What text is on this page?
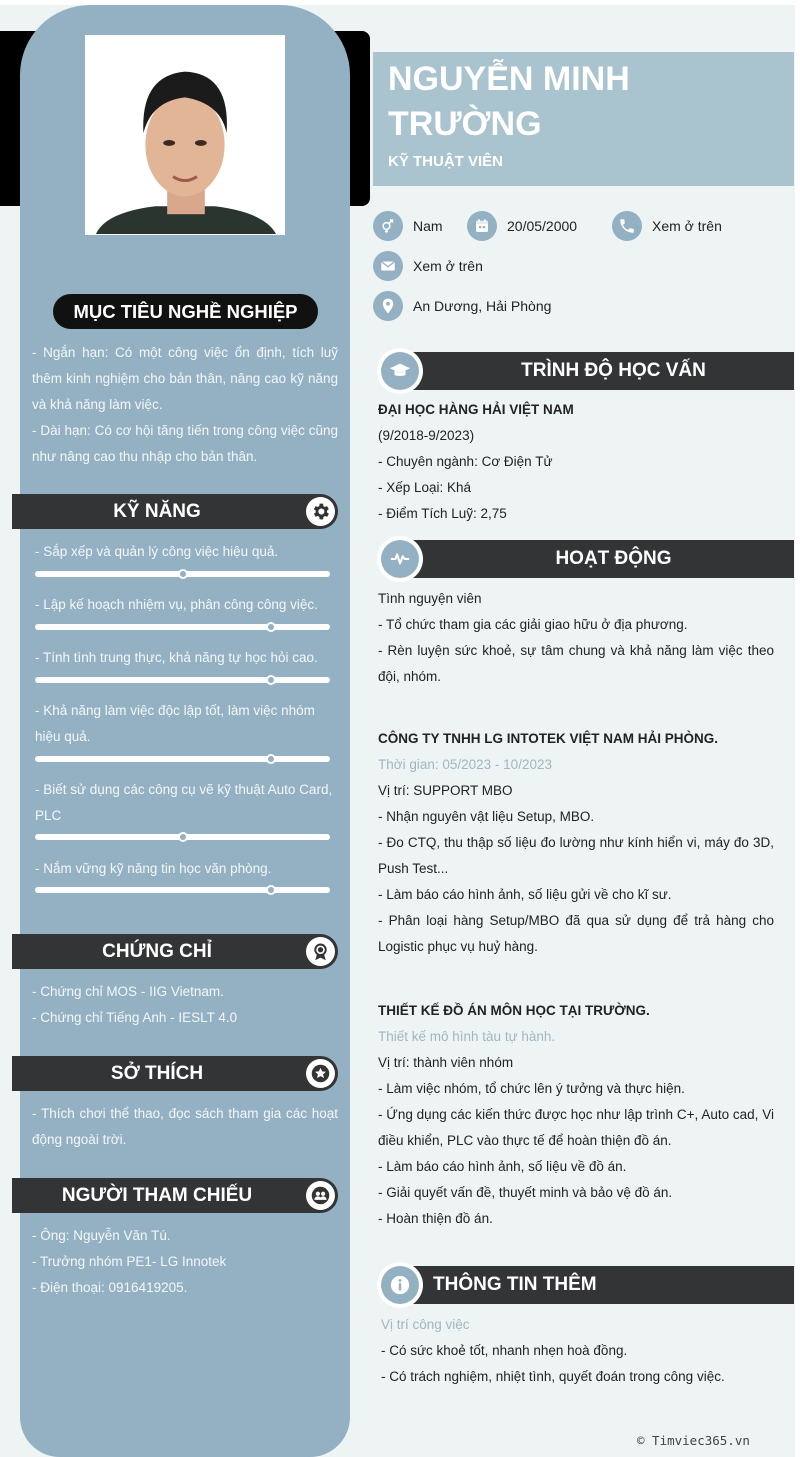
MỤC TIÊU NGHỀ NGHIỆP

- Ngắn hạn: Có một công việc ổn định, tích luỹ thêm kinh nghiệm cho bản thân, nâng cao kỹ năng và khả năng làm việc.

- Dài hạn: Có cơ hội tăng tiến trong công việc cũng như nâng cao thu nhập cho bản thân.

KỸ NĂNG
- Sắp xếp và quản lý công việc hiệu quả.
- Lập kế hoạch nhiệm vụ, phân công công việc.
- Tính tình trung thực, khả năng tự học hỏi cao.
- Khả năng làm việc độc lập tốt, làm việc nhóm hiệu quả.
- Biết sử dụng các công cụ vẽ kỹ thuật Auto Card, PLC
- Nắm vững kỹ năng tin học văn phòng.
CHỨNG CHỈ

- Chứng chỉ MOS - IIG Vietnam.

- Chứng chỉ Tiếng Anh - IESLT 4.0

SỞ THÍCH

- Thích chơi thể thao, đọc sách tham gia các hoạt động ngoài trời.

NGƯỜI THAM CHIẾU

- Ông: Nguyễn Văn Tú.

- Trưởng nhóm PE1- LG Innotek

- Điện thoại: 0916419205.

NGUYỄN MINH TRƯỜNG
KỸ THUẬT VIÊN
Nam	20/05/2000	Xem ở trên
Xem ở trên
An Dương, Hải Phòng
TRÌNH ĐỘ HỌC VẤN

ĐẠI HỌC HÀNG HẢI VIỆT NAM

(9/2018-9/2023)

- Chuyên ngành: Cơ Điện Tử

- Xếp Loại: Khá

- Điểm Tích Luỹ: 2,75

HOẠT ĐỘNG

Tình nguyện viên

- Tổ chức tham gia các giải giao hữu ở địa phương.

- Rèn luyện sức khoẻ, sự tâm chung và khả năng làm việc theo đội, nhóm.

CÔNG TY TNHH LG INTOTEK VIỆT NAM HẢI PHÒNG.

Thời gian: 05/2023 - 10/2023

Vị trí: SUPPORT MBO

- Nhận nguyên vật liệu Setup, MBO.

- Đo CTQ, thu thập số liệu đo lường như kính hiển vi, máy đo 3D, Push Test...

- Làm báo cáo hình ảnh, số liệu gửi về cho kĩ sư.

- Phân loại hàng Setup/MBO đã qua sử dụng để trả hàng cho Logistic phục vụ huỷ hàng.

THIẾT KẾ ĐỒ ÁN MÔN HỌC TẠI TRƯỜNG.

Thiết kế mô hình tàu tự hành.

Vị trí: thành viên nhóm

- Làm việc nhóm, tổ chức lên ý tưởng và thực hiện.

- Ứng dụng các kiến thức được học như lập trình C+, Auto cad, Vi điều khiển, PLC vào thực tế để hoàn thiện đồ án.

- Làm báo cáo hình ảnh, số liệu về đồ án.

- Giải quyết vấn đề, thuyết minh và bảo vệ đồ án.

- Hoàn thiện đồ án.

THÔNG TIN THÊM

Vị trí công việc

- Có sức khoẻ tốt, nhanh nhẹn hoà đồng.

- Có trách nghiệm, nhiệt tình, quyết đoán trong công việc.

© Timviec365.vn
